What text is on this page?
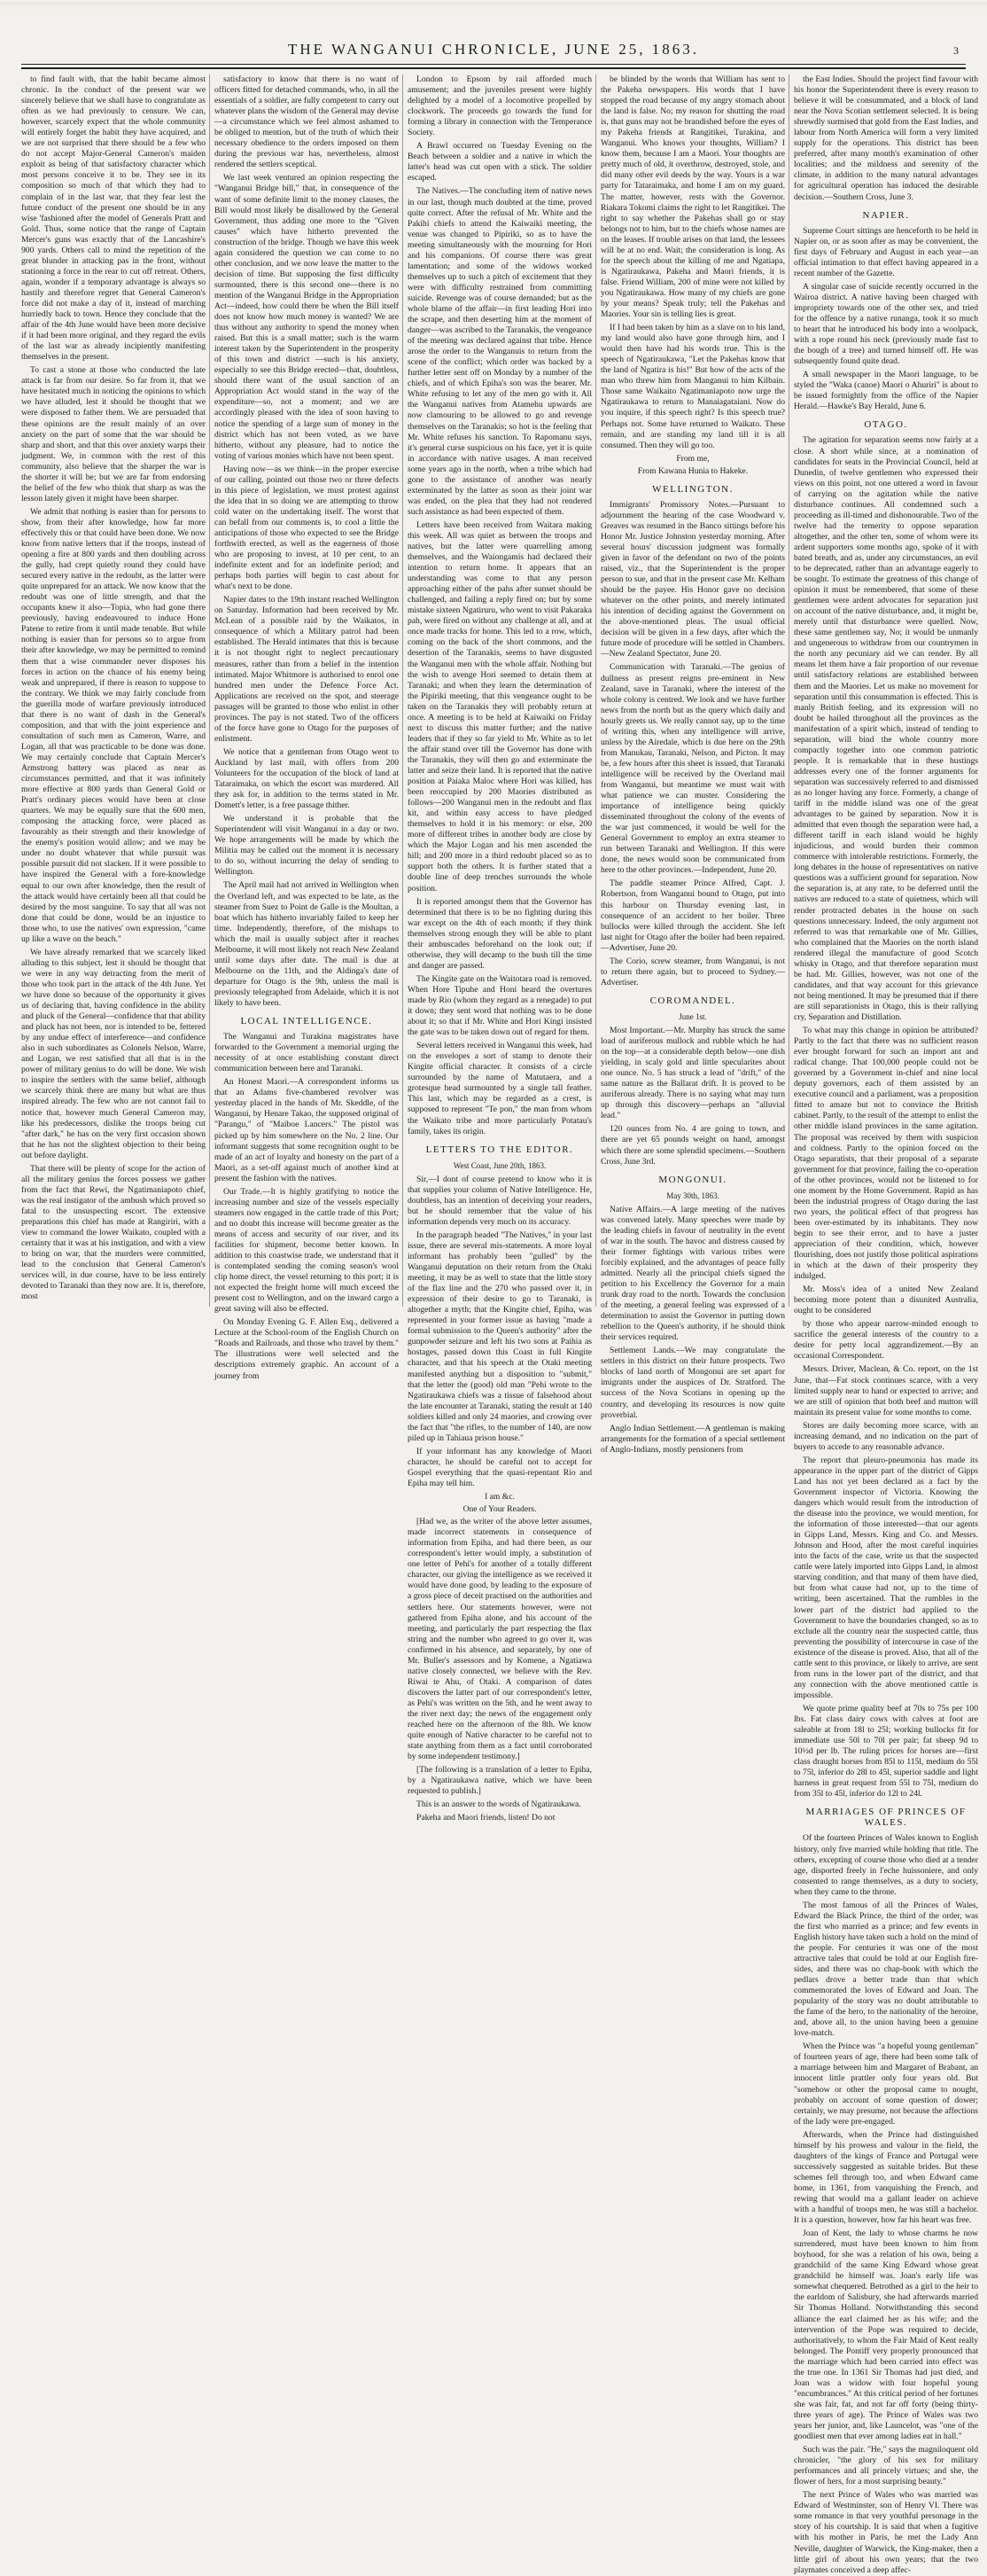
THE WANGANUI CHRONICLE, JUNE 25, 1863.	3

to find fault with, that the habit became almost chronic. In the conduct of the present war we sincerely believe that we shall have to congratulate as often as we had previously to censure. We can, however, scarcely expect that the whole community will entirely forget the habit they have acquired, and we are not surprised that there should be a few who do not accept Major-General Cameron's maiden exploit as being of that satisfactory character which most persons conceive it to be. They see in its composition so much of that which they had to complain of in the last war, that they fear lest the future conduct of the present one should be in any wise 'fashioned after the model of Generals Pratt and Gold. Thus, some notice that the range of Captain Mercer's guns was exactly that of the Lancashire's 900 yards. Others call to mind the repetition of the great blunder in attacking pas in the front, without stationing a force in the rear to cut off retreat. Others, again, wonder if a temporary advantage is always so hastily and therefore regret that General Cameron's force did not make a day of it, instead of marching hurriedly back to town. Hence they conclude that the affair of the 4th June would have been more decisive if it had been more original, and they regard the evils of the last war as already incipiently manifesting themselves in the present.

To cast a stone at those who conducted the late attack is far from our desire. So far from it, that we have hesitated much in noticing the opinions to which we have alluded, lest it should be thought that we were disposed to father them. We are persuaded that these opinions are the result mainly of an over anxiety on the part of some that the war should be sharp and short, and that this over anxiety warps their judgment. We, in common with the rest of this community, also believe that the sharper the war is the shorter it will be; but we are far from endorsing the belief of the few who think that sharp as was the lesson lately given it might have been sharper.

We admit that nothing is easier than for persons to show, from their after knowledge, how far more effectively this or that could have been done. We now know from native letters that if the troops, instead of opening a fire at 800 yards and then doubling across the gully, had crept quietly round they could have secured every native in the redoubt, as the latter were quite unprepared for an attack. We now know that the redoubt was one of little strength, and that the occupants knew it also—Topia, who had gone there previously, having endeavoured to induce Hone Patene to retire from it until made tenable. But while nothing is easier than for persons so to argue from their after knowledge, we may be permitted to remind them that a wise commander never disposes his forces in action on the chance of his enemy being weak and unprepared, if there is reason to suppose to the contrary. We think we may fairly conclude from the guerilla mode of warfare previously introduced that there is no want of dash in the General's composition, and that with the joint experience and consultation of such men as Cameron, Warre, and Logan, all that was practicable to be done was done. We may certainly conclude that Captain Mercer's Armstrong battery was placed as near as circumstances permitted, and that it was infinitely more effective at 800 yards than General Gold or Pratt's ordinary pieces would have been at close quarters. We may be equally sure that the 600 men, composing the attacking force, were placed as favourably as their strength and their knowledge of the enemy's position would allow; and we may be under no doubt whatever that while pursuit was possible pursuit did not slacken. If it were possible to have inspired the General with a fore-knowledge equal to our own after knowledge, then the result of the attack would have certainly been all that could be desired by the most sanguine. To say that all was not done that could be done, would be an injustice to those who, to use the natives' own expression, "came up like a wave on the beach."

We have already remarked that we scarcely liked alluding to this subject, lest it should be thought that we were in any way detracting from the merit of those who took part in the attack of the 4th June. Yet we have done so because of the opportunity it gives us of declaring that, having confidence in the ability and pluck of the General—confidence that that ability and pluck has not been, nor is intended to be, fettered by any undue effect of interference—and confidence also in such subordinates as Colonels Nelson, Warre, and Logan, we rest satisfied that all that is in the power of military genius to do will be done. We wish to inspire the settlers with the same belief, although we scarcely think there are many but what are thus inspired already. The few who are not cannot fail to notice that, however much General Cameron may, like his predecessors, dislike the troops being cut "after dark," he has on the very first occasion shown that he has not the slightest objection to their being out before daylight.

That there will be plenty of scope for the action of all the military genius the forces possess we gather from the fact that Rewi, the Ngatimaniapoto chief, was the real instigator of the ambush which proved so fatal to the unsuspecting escort. The extensive preparations this chief has made at Rangiriri, with a view to command the lower Waikato, coupled with a certainty that it was at his instigation, and with a view to bring on war, that the murders were committed, lead to the conclusion that General Cameron's services will, in due course, have to be less entirely devoted to Taranaki than they now are. It is, therefore, most

satisfactory to know that there is no want of officers fitted for detached commands, who, in all the essentials of a soldier, are fully competent to carry out whatever plans the wisdom of the General may devise—a circumstance which we feel almost ashamed to be obliged to mention, but of the truth of which their necessary obedience to the orders imposed on them during the previous war has, nevertheless, almost rendered the settlers sceptical.

We last week ventured an opinion respecting the "Wanganui Bridge bill," that, in consequence of the want of some definite limit to the money clauses, the Bill would most likely be disallowed by the General Government, thus adding one more to the "Given causes" which have hitherto prevented the construction of the bridge. Though we have this week again considered the question we can come to no other conclusion, and we now leave the matter to the decision of time. But supposing the first difficulty surmounted, there is this second one—there is no mention of the Wanganui Bridge in the Appropriation Act—indeed, how could there be when the Bill itself does not know how much money is wanted? We are thus without any authority to spend the money when raised. But this is a small matter; such is the warm interest taken by the Superintendent in the prosperity of this town and district —such is his anxiety, especially to see this Bridge erected—that, doubtless, should there want of the usual sanction of an Appropriation Act would stand in the way of the expenditure—so, not a moment; and we are accordingly pleased with the idea of soon having to notice the spending of a large sum of money in the district which has not been voted, as we have hitherto, without any pleasure, had to notice the voting of various monies which have not been spent.

Having now—as we think—in the proper exercise of our calling, pointed out those two or three defects in this piece of legislation, we must protest against the idea that in so doing we are attempting to throw cold water on the undertaking itself. The worst that can befall from our comments is, to cool a little the anticipations of those who expected to see the Bridge forthwith erected, as well as the eagerness of those who are proposing to invest, at 10 per cent, to an indefinite extent and for an indefinite period; and perhaps both parties will begin to cast about for what's next to be done.

Napier dates to the 19th instant reached Wellington on Saturday. Information had been received by Mr. McLean of a possible raid by the Waikatos, in consequence of which a Military patrol had been established. The Herald intimates that this is because it is not thought right to neglect precautionary measures, rather than from a belief in the intention intimated. Major Whitmore is authorised to enrol one hundred men under the Defence Force Act. Applications are received on the spot, and steerage passages will be granted to those who enlist in other provinces. The pay is not stated. Two of the officers of the force have gone to Otago for the purposes of enlistment.

We notice that a gentleman from Otago went to Auckland by last mail, with offers from 200 Volunteers for the occupation of the block of land at Tataraimaka, on which the escort was murdered. All they ask for, in addition to the terms stated in Mr. Domett's letter, is a free passage thither.

We understand it is probable that the Superintendent will visit Wanganui in a day or two. We hope arrangements will be made by which the Militia may be called out the moment it is necessary to do so, without incurring the delay of sending to Wellington.

The April mail had not arrived in Wellington when the Overland left, and was expected to be late, as the steamer from Suez to Point de Galle is the Moultan, a boat which has hitherto invariably failed to keep her time. Independently, therefore, of the mishaps to which the mail is usually subject after it reaches Melbourne, it will most likely not reach New Zealand until some days after date. The mail is due at Melbourne on the 11th, and the Aldinga's date of departure for Otago is the 9th, unless the mail is previously telegraphed from Adelaide, which it is not likely to have been.

LOCAL INTELLIGENCE.

The Wanganui and Turakina magistrates have forwarded to the Government a memorial urging the necessity of at once establishing constant direct communication between here and Taranaki.

An Honest Maori.—A correspondent informs us that an Adams five-chambered revolver was yesterday placed in the hands of Mr. Skeddle, of the Wanganui, by Henare Takao, the supposed original of "Parangu," of "Maiboe Lancers." The pistol was picked up by him somewhere on the No. 2 line. Our informant suggests that some recognition ought to be made of an act of loyalty and honesty on the part of a Maori, as a set-off against much of another kind at present the fashion with the natives.

Our Trade.—It is highly gratifying to notice the increasing number and size of the vessels especially steamers now engaged in the cattle trade of this Port; and no doubt this increase will become greater as the means of access and security of our river, and its facilities for shipment, become better known. In addition to this coastwise trade, we understand that it is contemplated sending the coming season's wool clip home direct, the vessel returning to this port; it is not expected the freight home will much exceed the present cost to Wellington, and on the inward cargo a great saving will also be effected.

On Monday Evening G. F. Allen Esq., delivered a Lecture at the School-room of the English Church on "Roads and Railroads, and those who travel by them." The illustrations were well selected and the descriptions extremely graphic. An account of a journey from

London to Epsom by rail afforded much amusement; and the juveniles present were highly delighted by a model of a locomotive propelled by clockwork. The proceeds go towards the fund for forming a library in connection with the Temperance Society.

A Brawl occurred on Tuesday Evening on the Beach between a soldier and a native in which the latter's head was cut open with a stick. The soldier escaped.

The Natives.—The concluding item of native news in our last, though much doubted at the time, proved quite correct. After the refusal of Mr. White and the Pakihi chiefs to attend the Kaiwaiki meeting, the venue was changed to Pipiriki, so as to have the meeting simultaneously with the mourning for Hori and his companions. Of course there was great lamentation; and some of the widows worked themselves up to such a pitch of excitement that they were with difficulty restrained from committing suicide. Revenge was of course demanded; but as the whole blame of the affair—in first leading Hori into the scrape, and then deserting him at the moment of danger—was ascribed to the Taranakis, the vengeance of the meeting was declared against that tribe. Hence arose the order to the Wanganuis to return from the scene of the conflict; which order was backed by a further letter sent off on Monday by a number of the chiefs, and of which Epiha's son was the bearer. Mr. White refusing to let any of the men go with it. All the Wanganui natives from Atamehu upwards are now clamouring to be allowed to go and revenge themselves on the Taranakis; so hot is the feeling that Mr. White refuses his sanction. To Rapomanu says, it's general curse suspicious on his face, yet it is quite in accordance with native usages. A man received some years ago in the north, when a tribe which had gone to the assistance of another was nearly exterminated by the latter as soon as their joint war was ended, on the plea that they had not rendered such assistance as had been expected of them.

Letters have been received from Waitara making this week. All was quiet as between the troops and natives, but the latter were quarrelling among themselves, and the Waiongamis had declared their intention to return home. It appears that an understanding was come to that any person approaching either of the pahs after sunset should be challenged, and failing a reply fired on; but by some mistake sixteen Ngatiruru, who went to visit Pakaraka pah, were fired on without any challenge at all, and at once made tracks for home. This led to a row, which, coming on the back of the short commons, and the desertion of the Taranakis, seems to have disgusted the Wanganui men with the whole affair. Nothing but the wish to avenge Hori seemed to detain them at Taranaki; and when they learn the determination of the Pipiriki meeting, that this vengeance ought to be taken on the Taranakis they will probably return at once. A meeting is to be held at Kaiwaiki on Friday next to discuss this matter further; and the native leaders that if they so far yield to Mr. White as to let the affair stand over till the Governor has done with the Taranakis, they will then go and exterminate the latter and seize their land. It is reported that the native position at Paiaka Maloc where Hori was killed, has been reoccupied by 200 Maories distributed as follows—200 Wanganui men in the redoubt and flax kit, and within easy access to have pledged themselves to hold it in his memory: or else, 200 more of different tribes in another body are close by which the Major Logan and his men ascended the hill; and 200 more in a third redoubt placed so as to support both the others. It is further stated that a double line of deep trenches surrounds the whole position.

It is reported amongst them that the Governor has determined that there is to be no fighting during this war except on the 4th of each month; if they think themselves strong enough they will be able to plant their ambuscades beforehand on the look out; if otherwise, they will decamp to the bush till the time and danger are passed.

The Kingite gate on the Waitotara road is removed. When Hore Tipuhe and Honi heard the overtures made by Rio (whom they regard as a renegade) to put it down; they sent word that nothing was to be done about it; so that if Mr. White and Hori Kingi insisted the gate was to be taken down out of regard for them.

Several letters received in Wanganui this week, had on the envelopes a sort of stamp to denote their Kingite official character. It consists of a circle surrounded by the name of Matutaera, and a grotesque head surmounted by a single tall feather. This last, which may be regarded as a crest, is supposed to represent "Te pon," the man from whom the Waikato tribe and more particularly Potatau's family, takes its origin.

LETTERS TO THE EDITOR.
West Coast, June 20th, 1863.

Sir,—I dont of course pretend to know who it is that supplies your column of Native Intelligence. He, doubtless, has an intention of deceiving your readers, but he should remember that the value of his information depends very much on its accuracy.

In the paragraph headed "The Natives," in your last issue, there are several mis-statements. A more loyal informant has probably been "gulled" by the Wanganui deputation on their return from the Otaki meeting, it may be as well to state that the little story of the flax line and the 270 who passed over it, in expression of their desire to go to Taranaki, is altogether a myth; that the Kingite chief, Epiha, was represented in your former issue as having "made a formal submission to the Queen's authority" after the gunpowder seizure and left his two sons at Paihia as hostages, passed down this Coast in full Kingite character, and that his speech at the Otaki meeting manifested anything but a disposition to "submit," that the letter the (good) old man "Pehi wrote to the Ngatiraukawa chiefs was a tissue of falsehood about the late encounter at Taranaki, stating the result at 140 soldiers killed and only 24 maories, and crowing over the fact that "the rifles, to the number of 140, are now piled up in Tahiaua prison house."

If your informant has any knowledge of Maori character, he should be careful not to accept for Gospel everything that the quasi-repentant Rio and Epiha may tell him.

I am &c.

One of Your Readers.

[Had we, as the writer of the above letter assumes, made incorrect statements in consequence of information from Epiha, and had there been, as our correspondent's letter would imply, a substitution of one letter of Pehi's for another of a totally different character, our giving the intelligence as we received it would have done good, by leading to the exposure of a gross piece of deceit practised on the authorities and settlers here. Our statements however, were not gathered from Epiha alone, and his account of the meeting, and particularly the part respecting the flax string and the number who agreed to go over it, was confirmed in his absence, and separately, by one of Mr. Buller's assessors and by Komene, a Ngatiawa native closely connected, we believe with the Rev. Riwai te Ahu, of Otaki. A comparison of dates discovers the latter part of our correspondent's letter, as Pehi's was written on the 5th, and he went away to the river next day; the news of the engagement only reached here on the afternoon of the 8th. We know quite enough of Native character to be careful not to state anything from them as a fact until corroborated by some independent testimony.]

[The following is a translation of a letter to Epiha, by a Ngatiraukawa native, which we have been requested to publish.]

This is an answer to the words of Ngatiraukawa.

Pakeha and Maori friends, listen! Do not

be blinded by the words that William has sent to the Pakeha newspapers. His words that I have stopped the road because of my angry stomach about the land is false. No; my reason for shutting the road is, that guns may not be brandished before the eyes of my Pakeha friends at Rangitikei, Turakina, and Wanganui. Who knows your thoughts, William? I know them, because I am a Maori. Your thoughts are pretty much of old, it overthrow, destroyed, stole, and did many other evil deeds by the way. Yours is a war party for Tataraimaka, and home I am on my guard. The matter, however, rests with the Governor. Riakara Tokomi claims the right to let Rangitikei. The right to say whether the Pakehas shall go or stay belongs not to him, but to the chiefs whose names are on the leases. If trouble arises on that land, the lessees will be at no end. Wait; the consideration is long. As for the speech about the killing of me and Ngatiapa, is Ngatiraukawa, Pakeha and Maori friends, it is false. Friend William, 200 of mine were not killed by you Ngatiraukawa. How many of my chiefs are gone by your means? Speak truly; tell the Pakehas and Maories. Your sin is telling lies is great.

If I had been taken by him as a slave on to his land, my land would also have gone through him, and I would then have had his words true. This is the speech of Ngatiraukawa, "Let the Pakehas know that the land of Ngatira is his!" But how of the acts of the man who threw him from Manganui to him Kilbain. Those same Waikaito Ngatimaniapoto now urge the Ngatiraukawa to return to Manaiagataiani. Now do you inquire, if this speech right? Is this speech true? Perhaps not. Some have returned to Waikato. These remain, and are standing my land till it is all consumed. Then they will go too.

From me,

From Kawana Hunia to Hakeke.

WELLINGTON.

Immigrants' Promissory Notes.—Pursuant to adjournment the hearing of the case Woodward v. Greaves was resumed in the Banco sittings before his Honor Mr. Justice Johnston yesterday morning. After several hours' discussion judgment was formally given in favor of the defendant on two of the points raised, viz., that the Superintendent is the proper person to sue, and that in the present case Mr. Kelham should be the payee. His Honor gave no decision whatever on the other points, and merely intimated his intention of deciding against the Government on the above-mentioned pleas. The usual official decision will be given in a few days, after which the future mode of procedure will be settled in Chambers.—New Zealand Spectator, June 20.

Communication with Taranaki.—The genius of dullness as present reigns pre-eminent in New Zealand, save in Taranaki, where the interest of the whole colony is centred. We look and we have further news from the north but as the query which daily and hourly greets us. We really cannot say, up to the time of writing this, when any intelligence will arrive, unless by the Airedale, which is due here on the 29th from Manukau, Taranaki, Nelson, and Picton. It may be, a few hours after this sheet is issued, that Taranaki intelligence will be received by the Overland mail from Wanganui, but meantime we must wait with what patience we can muster. Considering the importance of intelligence being quickly disseminated throughout the colony of the events of the war just commenced, it would be well for the General Government to employ an extra steamer to run between Taranaki and Wellington. If this were done, the news would soon be communicated from here to the other provinces.—Independent, June 20.

The paddle steamer Prince Alfred, Capt. J. Robertson, from Wanganui bound to Otago, put into this harbour on Thursday evening last, in consequence of an accident to her boiler. Three bullocks were killed through the accident. She left last night for Otago after the boiler had been repaired.—Advertiser, June 20.

The Corio, screw steamer, from Wanganui, is not to return there again, but to proceed to Sydney.—Advertiser.

COROMANDEL.
June 1st.

Most Important.—Mr. Murphy has struck the same load of auriferous mullock and rubble which he had on the top—at a considerable depth below—one dish yielding, in scaly gold and little specularites about one ounce. No. 5 has struck a lead of "drift," of the same nature as the Ballarat drift. It is proved to be auriferous already. There is no saying what may turn up through this discovery—perhaps an "alluvial lead."

120 ounces from No. 4 are going to town, and there are yet 65 pounds weight on hand, amongst which there are some splendid specimens.—Southern Cross, June 3rd.

MONGONUI.
May 30th, 1863.

Native Affairs.—A large meeting of the natives was convened lately. Many speeches were made by the leading chiefs in favour of neutrality in the event of war in the south. The havoc and distress caused by their former fightings with various tribes were forcibly explained, and the advantages of peace fully admitted. Nearly all the principal chiefs signed the petition to his Excellency the Governor for a main trunk dray road to the north. Towards the conclusion of the meeting, a general feeling was expressed of a determination to assist the Governor in putting down rebellion to the Queen's authority, if he should think their services required.

Settlement Lands.—We may congratulate the settlers in this district on their future prospects. Two blocks of land north of Mongonui are set apart for imigrants under the auspices of Dr. Stratford. The success of the Nova Scotians in opening up the country, and developing its resources is now quite proverbial.

Anglo Indian Settlement.—A gentleman is making arrangements for the formation of a special settlement of Anglo-Indians, mostly pensioners from

the East Indies. Should the project find favour with his honor the Superintendent there is every reason to believe it will be consummated, and a block of land near the Nova Scotian settlement selected. It is being shrewdly surmised that gold from the East Indies, and labour from North America will form a very limited supply for the operations. This district has been preferred, after many month's examination of other localities; and the mildness and serenity of the climate, in addition to the many natural advantages for agricultural operation has induced the desirable decision.—Southern Cross, June 3.

NAPIER.

Supreme Court sittings are henceforth to be held in Napier on, or as soon after as may be convenient, the first days of February and August in each year—an official intimation to that effect having appeared in a recent number of the Gazette.

A singular case of suicide recently occurred in the Wairoa district. A native having been charged with impropriety towards one of the other sex, and tried for the offence by a native runanga, took it so much to heart that he introduced his body into a woolpack, with a rope round his neck (previously made fast to the bough of a tree) and turned himself off. He was subsequently found quite dead.

A small newspaper in the Maori language, to be styled the "Waka (canoe) Maori o Ahuriri" is about to be issued fortnightly from the office of the Napier Herald.—Hawke's Bay Herald, June 6.

OTAGO.

The agitation for separation seems now fairly at a close. A short while since, at a nomination of candidates for seats in the Provincial Council, held at Dunedin, of twelve gentlemen who expressed their views on this point, not one uttered a word in favour of carrying on the agitation while the native disturbance continues. All condemned such a proceeding as ill-timed and dishonourable. Two of the twelve had the temerity to oppose separation altogether, and the other ten, some of whom were its ardent supporters some months ago, spoke of it with bated breath, and as, under any circumstances, an evil to be deprecated, rather than an advantage eagerly to be sought. To estimate the greatness of this change of opinion it must be remembered, that some of these gentlemen were ardent advocates for separation just on account of the native disturbance, and, it might be, merely until that disturbance were quelled. Now, these same gentlemen say, No; it would be unmanly and ungenerous to withdraw from our countrymen in the north any pecuniary aid we can render. By all means let them have a fair proportion of our revenue until satisfactory relations are established between them and the Maories. Let us make no movement for separation until this consummation is effected. This is manly British feeling, and its expression will no doubt be hailed throughout all the provinces as the manifestation of a spirit which, instead of tending to separation, will bind the whole country more compactly together into one common patriotic people. It is remarkable that in these hustings addresses every one of the former arguments for separation was successively referred to and dismissed as no longer having any force. Formerly, a change of tariff in the middle island was one of the great advantages to be gained by separation. Now it is admitted that even though the separation were had, a different tariff in each island would be highly injudicious, and would burden their common commerce with intolerable restrictions. Formerly, the long debates in the house of representatives on native questions was a sufficient ground for separation. Now the separation is, at any rate, to be deferred until the natives are reduced to a state of quietness, which will render protracted debates in the house on such questions unnecessary. Indeed, the only argument not referred to was that remarkable one of Mr. Gillies, who complained that the Maories on the north island rendered illegal the manufacture of good Scotch whisky in Otago, and that therefore separation must be had. Mr. Gillies, however, was not one of the candidates, and that way account for this grievance not being mentioned. It may be presumed that if there are still separationists in Otago, this is their rallying cry, Separation and Distillation.

To what may this change in opinion be attributed? Partly to the fact that there was no sufficient reason ever brought forward for such an import ant and radical change. That 100,000 people could not be governed by a Government in-chief and nine local deputy governors, each of them assisted by an executive council and a parliament, was a proposition fitted to amaze but not to convince the British cabinet. Partly, to the result of the attempt to enlist the other middle island provinces in the same agitation. The proposal was received by them with suspicion and coldness. Partly to the opinion forced on the Otago separatists, that their proposal of a separate government for that province, failing the co-operation of the other provinces, would not be listened to for one moment by the Home Government. Rapid as has been the industrial progress of Otago during the last two years, the political effect of that progress has been over-estimated by its inhabitants. They now begin to see their error, and to have a juster appreciation of their condition, which, however flourishing, does not justify those political aspirations in which at the dawn of their prosperity they indulged.

Mr. Moss's idea of a united New Zealand becoming more potent than a disunited Australia, ought to be considered

by those who appear narrow-minded enough to sacrifice the general interests of the country to a desire for petty local aggrandizement.—By an occasional Correspondent.

Messrs. Driver, Maclean, & Co. report, on the 1st June, that—Fat stock continues scarce, with a very limited supply near to hand or expected to arrive; and we are still of opinion that both beef and mutton will maintain its present value for some months to come.

Stores are daily becoming more scarce, with an increasing demand, and no indication on the part of buyers to accede to any reasonable advance.

The report that pleuro-pneumonia has made its appearance in the upper part of the district of Gipps Land has not yet been declared as a fact by the Government inspector of Victoria. Knowing the dangers which would result from the introduction of the disease into the province, we would mention, for the information of those interested—that our agents in Gipps Land, Messrs. King and Co. and Messrs. Johnson and Hood, after the most careful inquiries into the facts of the case, write us that the suspected cattle were lately imported into Gipps Land, in almost starving condition, and that many of them have died, but from what cause had not, up to the time of writing, been ascertained. That the rumbles in the lower part of the district had applied to the Government to have the boundaries changed, so as to exclude all the country near the suspected cattle, thus preventing the possibility of intercourse in case of the existence of the disease is proved. Also, that all of the cattle sent to this province, or likely to arrive, are sent from runs in the lower part of the district, and that any connection with the above mentioned cattle is impossible.

We quote prime quality beef at 70s to 75s per 100 lbs. Fat class dairy cows with calves at foot are saleable at from 18l to 25l; working bullocks fit for immediate use 50l to 70l per pair; fat sheep 9d to 10½d per lb. The ruling prices for horses are—first class draught horses from 85l to 115l, medium do 55l to 75l, inferior do 28l to 45l, superior saddle and light harness in great request from 55l to 75l, medium do from 35l to 45l, inferior do 12l to 24l.

MARRIAGES OF PRINCES OF WALES.

Of the fourteen Princes of Wales known to English history, only five married while holding that title. The others, excepting of course those who died at a tender age, disported freely in l'eche huissoniere, and only consented to range themselves, as a duty to society, when they came to the throne.

The most famous of all the Princes of Wales, Edward the Black Prince, the third of the order, was the first who married as a prince; and few events in English history have taken such a hold on the mind of the people. For centuries it was one of the most attractive tales that could be told at our English fire-sides, and there was no chap-book with which the pedlars drove a better trade than that which commemorated the loves of Edward and Joan. The popularity of the story was no doubt attributable to the fame of the hero, to the nationality of the heroine, and, above all, to the union having been a genuine love-match.

When the Prince was "a hopeful young gentleman" of fourteen years of age, there had been some talk of a marriage between him and Margaret of Brabant, an innocent little prattler only four years old. But "somehow or other the proposal came to nought, probably on account of some question of dower; certainly, we may presume, not because the affections of the lady were pre-engaged.

Afterwards, when the Prince had distinguished himself by his prowess and valour in the field, the daughters of the kings of France and Portugal were successively suggested as suitable brides. But these schemes fell through too, and when Edward came home, in 1361, from vanquishing the French, and rewing that would ma a gallant leader on achieve with a handful of troops men, he was still a bachelor. It is a question, however, how far his heart was free.

Joan of Kent, the lady to whose charms he now surrendered, must have been known to him from boyhood, for she was a relation of his own, being a grandchild of the same King Edward whose great grandchild he himself was. Joan's early life was somewhat chequered. Betrothed as a girl to the heir to the earldom of Salisbury, she had afterwards married Sir Thomas Holland. Notwithstanding this second alliance the earl claimed her as his wife; and the intervention of the Pope was required to decide, authoritatively, to whom the Fair Maid of Kent really belonged. The Pontiff very properly pronounced that the marriage which had been carried into effect was the true one. In 1361 Sir Thomas had just died, and Joan was a widow with four hopeful young "encumbrances." At this critical period of her fortunes she was fair, fat, and not far off forty (being thirty-three years of age). The Prince of Wales was two years her junior, and, like Launcelot, was "one of the goodliest men that ever among ladies eat in hall."

Such was the pair. "He," says the magniloquent old chronicler, "the glory of his sex for military performances and all princely virtues; and she, the flower of hers, for a most surprising beauty."

The next Prince of Wales who was married was Edward of Westminster, son of Henry VI. There was some romance in that very youthful personage in the story of his courtship. It is said that when a fugitive with his mother in Paris, he met the Lady Ann Neville, daughter of Warwick, the King-maker, then a little girl of about his own years; that the two playmates conceived a deep affec-
